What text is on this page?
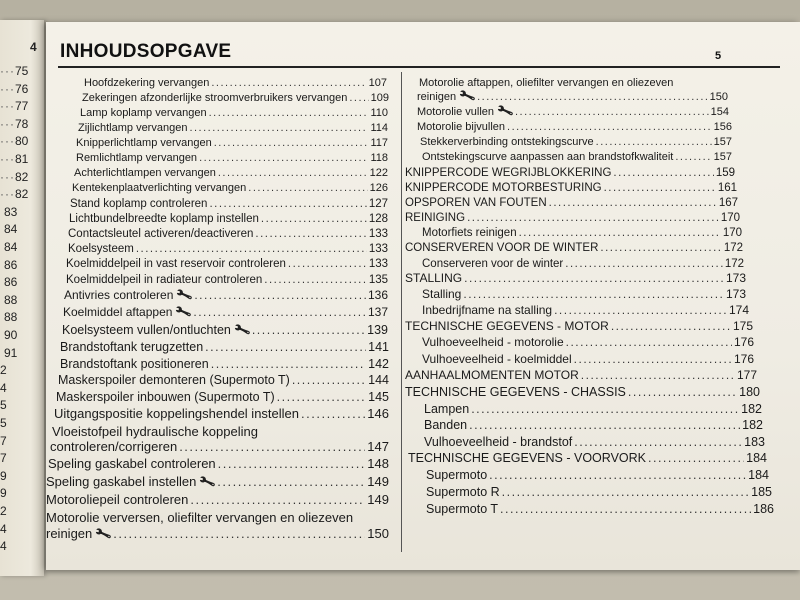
4
···75
···76
···77
···78
···80
···81
···82
···82
83
84
84
86
86
88
88
90
91
2
4
5
5
7
7
9
9
2
4
4
INHOUDSOPGAVE	5
Hoofdzekering vervangen .....	107
Zekeringen afzonderlijke stroomverbruikers vervangen ..... 109
Lamp koplamp vervangen .....	110
Zijlichtlamp vervangen .....	114
Knipperlichtlamp vervangen .....	117
Remlichtlamp vervangen .....	118
Achterlichtlampen vervangen .....	122
Kentekenplaatverlichting vervangen .....	126
Stand koplamp controleren .....	127
Lichtbundelbreedte koplamp instellen .....	128
Contactsleutel activeren/deactiveren .....	133
Koelsysteem .....	133
Koelmiddelpeil in vast reservoir controleren .....	133
Koelmiddelpeil in radiateur controleren .....	135
Antivries controleren 🔧 .....	136
Koelmiddel aftappen 🔧 .....	137
Koelsysteem vullen/ontluchten 🔧 .....	139
Brandstoftank terugzetten .....	141
Brandstoftank positioneren .....	142
Maskerspoiler demonteren (Supermoto T) .....	144
Maskerspoiler inbouwen (Supermoto T) .....	145
Uitgangspositie koppelingshendel instellen .....	146
Vloeistofpeil hydraulische koppeling
controleren/corrigeren .....	147
Speling gaskabel controleren .....	148
Speling gaskabel instellen 🔧 .....	149
Motoroliepeil controleren .....	149
Motorolie verversen, oliefilter vervangen en oliezeven
reinigen 🔧 .....	150
Motorolie aftappen, oliefilter vervangen en oliezeven
reinigen 🔧 .....	150
Motorolie vullen 🔧 .....	154
Motorolie bijvullen .....	156
Stekkerverbinding ontstekingscurve .....	157
Ontstekingscurve aanpassen aan brandstofkwaliteit .....	157
KNIPPERCODE WEGRIJBLOKKERING .....	159
KNIPPERCODE MOTORBESTURING .....	161
OPSPOREN VAN FOUTEN .....	167
REINIGING .....	170
Motorfiets reinigen .....	170
CONSERVEREN VOOR DE WINTER .....	172
Conserveren voor de winter .....	172
STALLING .....	173
Stalling .....	173
Inbedrijfname na stalling .....	174
TECHNISCHE GEGEVENS - MOTOR .....	175
Vulhoeveelheid - motorolie .....	176
Vulhoeveelheid - koelmiddel .....	176
AANHAALMOMENTEN MOTOR .....	177
TECHNISCHE GEGEVENS - CHASSIS .....	180
Lampen .....	182
Banden .....	182
Vulhoeveelheid - brandstof .....	183
TECHNISCHE GEGEVENS - VOORVORK .....	184
Supermoto .....	184
Supermoto R .....	185
Supermoto T .....	186
